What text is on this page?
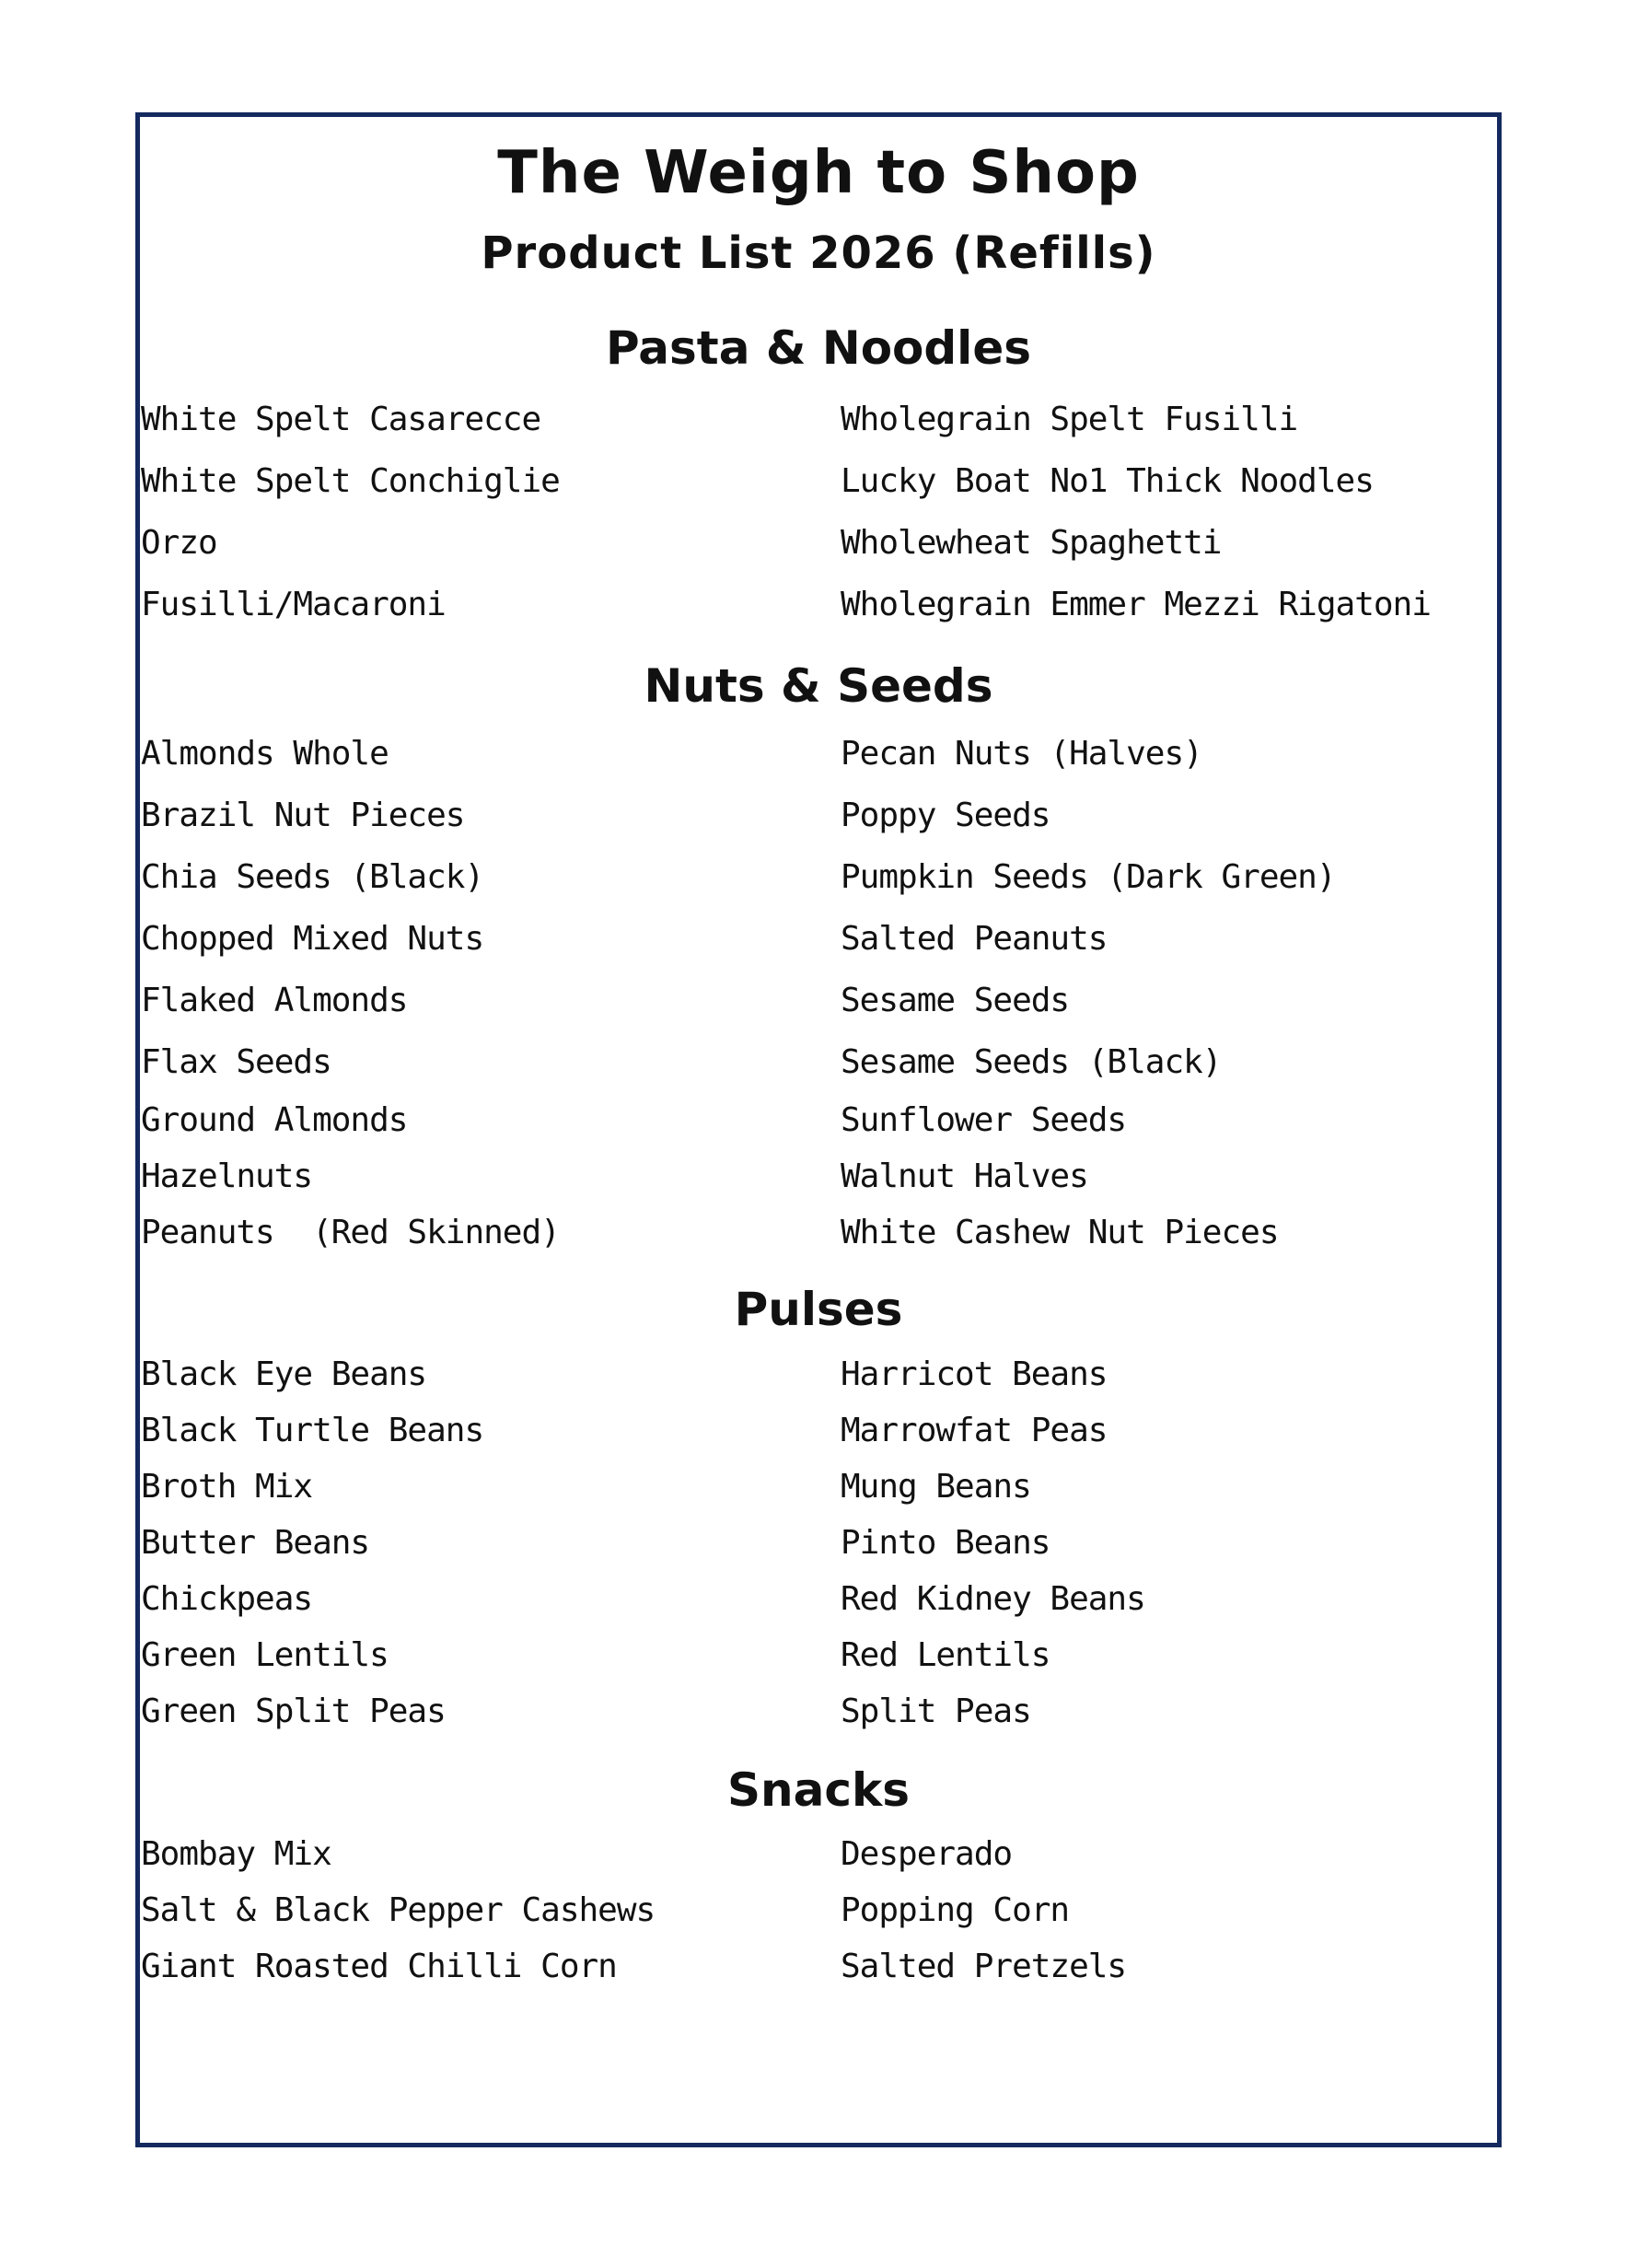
The Weigh to Shop
Product List 2026 (Refills)
Pasta & Noodles
White Spelt Casarecce
White Spelt Conchiglie
Orzo
Fusilli/Macaroni
Wholegrain Spelt Fusilli
Lucky Boat No1 Thick Noodles
Wholewheat Spaghetti
Wholegrain Emmer Mezzi Rigatoni
Nuts & Seeds
Almonds Whole
Brazil Nut Pieces
Chia Seeds (Black)
Chopped Mixed Nuts
Flaked Almonds
Flax Seeds
Ground Almonds
Hazelnuts
Peanuts  (Red Skinned)
Pecan Nuts (Halves)
Poppy Seeds
Pumpkin Seeds (Dark Green)
Salted Peanuts
Sesame Seeds
Sesame Seeds (Black)
Sunflower Seeds
Walnut Halves
White Cashew Nut Pieces
Pulses
Black Eye Beans
Black Turtle Beans
Broth Mix
Butter Beans
Chickpeas
Green Lentils
Green Split Peas
Harricot Beans
Marrowfat Peas
Mung Beans
Pinto Beans
Red Kidney Beans
Red Lentils
Split Peas
Snacks
Bombay Mix
Salt & Black Pepper Cashews
Giant Roasted Chilli Corn
Desperado
Popping Corn
Salted Pretzels
